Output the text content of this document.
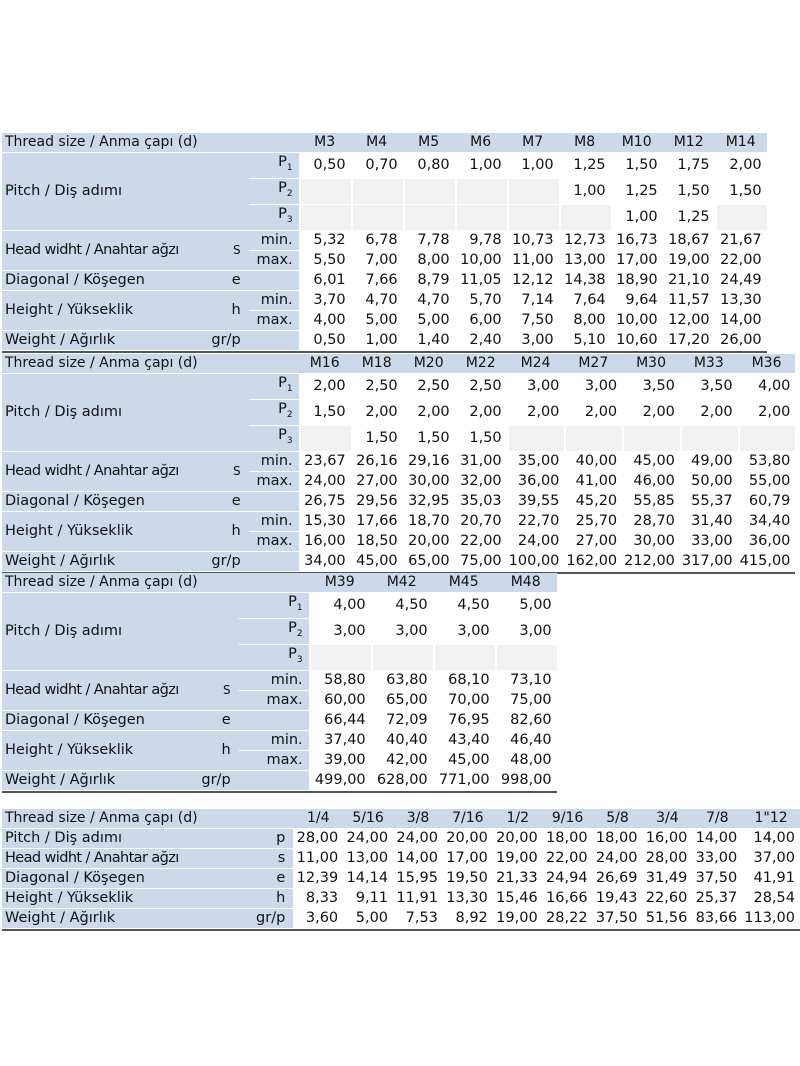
Thread size / Anma çapı (d)			M3	M4	M5	M6	M7	M8	M10	M12	M14
Pitch / Diş adımı		$P_1$	0,50	0,70	0,80	1,00	1,00	1,25	1,50	1,75	2,00
		$P_2$						1,00	1,25	1,50	1,50
		$P_3$							1,00	1,25	
Head widht / Anahtar ağzı	S	min.	5,32	6,78	7,78	9,78	10,73	12,73	16,73	18,67	21,67
		max.	5,50	7,00	8,00	10,00	11,00	13,00	17,00	19,00	22,00
Diagonal / Köşegen	e		6,01	7,66	8,79	11,05	12,12	14,38	18,90	21,10	24,49
Height / Yükseklik	h	min.	3,70	4,70	4,70	5,70	7,14	7,64	9,64	11,57	13,30
		max.	4,00	5,00	5,00	6,00	7,50	8,00	10,00	12,00	14,00
Weight / Ağırlık	gr/p		0,50	1,00	1,40	2,40	3,00	5,10	10,60	17,20	26,00
Thread size / Anma çapı (d)			M16	M18	M20	M22	M24	M27	M30	M33	M36
Pitch / Diş adımı		$P_1$	2,00	2,50	2,50	2,50	3,00	3,00	3,50	3,50	4,00
		$P_2$	1,50	2,00	2,00	2,00	2,00	2,00	2,00	2,00	2,00
		$P_3$		1,50	1,50	1,50					
Head widht / Anahtar ağzı	S	min.	23,67	26,16	29,16	31,00	35,00	40,00	45,00	49,00	53,80
		max.	24,00	27,00	30,00	32,00	36,00	41,00	46,00	50,00	55,00
Diagonal / Köşegen	e		26,75	29,56	32,95	35,03	39,55	45,20	55,85	55,37	60,79
Height / Yükseklik	h	min.	15,30	17,66	18,70	20,70	22,70	25,70	28,70	31,40	34,40
		max.	16,00	18,50	20,00	22,00	24,00	27,00	30,00	33,00	36,00
Weight / Ağırlık	gr/p		34,00	45,00	65,00	75,00	100,00	162,00	212,00	317,00	415,00
Thread size / Anma çapı (d)			M39	M42	M45	M48
Pitch / Diş adımı		$P_1$	4,00	4,50	4,50	5,00
		$P_2$	3,00	3,00	3,00	3,00
		$P_3$				
Head widht / Anahtar ağzı	S	min.	58,80	63,80	68,10	73,10
		max.	60,00	65,00	70,00	75,00
Diagonal / Köşegen	e		66,44	72,09	76,95	82,60
Height / Yükseklik	h	min.	37,40	40,40	43,40	46,40
		max.	39,00	42,00	45,00	48,00
Weight / Ağırlık	gr/p		499,00	628,00	771,00	998,00
Thread size / Anma çapı (d)		1/4	5/16	3/8	7/16	1/2	9/16	5/8	3/4	7/8	1"12
Pitch / Diş adımı	p	28,00	24,00	24,00	20,00	20,00	18,00	18,00	16,00	14,00	14,00
Head widht / Anahtar ağzı	s	11,00	13,00	14,00	17,00	19,00	22,00	24,00	28,00	33,00	37,00
Diagonal / Köşegen	e	12,39	14,14	15,95	19,50	21,33	24,94	26,69	31,49	37,50	41,91
Height / Yükseklik	h	8,33	9,11	11,91	13,30	15,46	16,66	19,43	22,60	25,37	28,54
Weight / Ağırlık	gr/p	3,60	5,00	7,53	8,92	19,00	28,22	37,50	51,56	83,66	113,00
